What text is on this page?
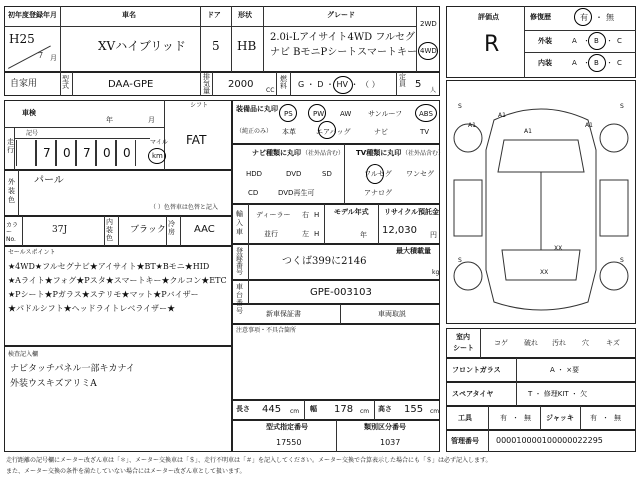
初年度登録年月
H25
7 月
車名
XVハイブリッド
ドア
5
形状
HB
グレード
2.0i-Lアイサイト4WD フルセグ
ナビ BモニPシートスマートキー
2WD
4WD
自家用	型式	DAA-GPE
排気量
2000
CC
燃料 G ・ D ・ HV ・ （ ）
定員 5
人
評価点
R
修復歴	有 ・ 無
外装	A ・ B ・ C
内装	A ・ B ・ C
車検
年	月
シフト
FAT
記号
走行 7 0 7 0 0
マイル
km
外装色
パール
（ ）色替車は色替と記入
カラーNo.
37J
内装色
ブラック
冷房 AAC
セールスポイント
★4WD★フルセグナビ★アイサイト★BT★Bモニ★HID
★Aライト★フォグ★Pスタ★スマートキー★クルコン★ETC
★Pシート★Pガラス★ステリモ★マット★Pバイザー
★パドルシフト★ヘッドライトレベライザー★
検査記入欄
ナビタッチパネル一部キカナイ
外装ウスキズアリミA
装備品に丸印
（純正のみ）
PS	PW AW サンルーフ ABS
本革	エアバッグ	ナビ	TV
ナビ種類に丸印 （社外品含む）
HDD	DVD	SD
CD	DVD再生可
TV種類に丸印 （社外品含む）
フルセグ ワンセグ
アナログ
輸入車
ディーラー
並行
右
左
H
H
モデル年式
年
リサイクル預託金
12,030 円
登録番号
つくば399に2146
最大積載量
kg
車台番号
GPE-003103
新車保証書	車両取説
注意事項・不具合箇所
長さ 445 cm 幅 178 cm 高さ 155 cm
型式指定番号
17550
類別区分番号
1037
S	S
S	S
A1
A1	A1
A1
XX
XX
室内
シート
コゲ 破れ 汚れ 穴 キズ
フロントガラス	A ・ ×要
スペアタイヤ	T ・ 修理KIT ・ 欠
工具	有 ・ 無 ジャッキ 有 ・ 無
管理番号 000010000100000022295
走行距離の記号欄にメーター改ざん車は「＊」、メーター交換車は「＄」、走行不明車は「＃」を記入してください。メーター交換で合算表示した場合にも「＄」は必ず記入します。
また、メーター交換の条件を満たしていない場合にはメーター改ざん車として扱います。
